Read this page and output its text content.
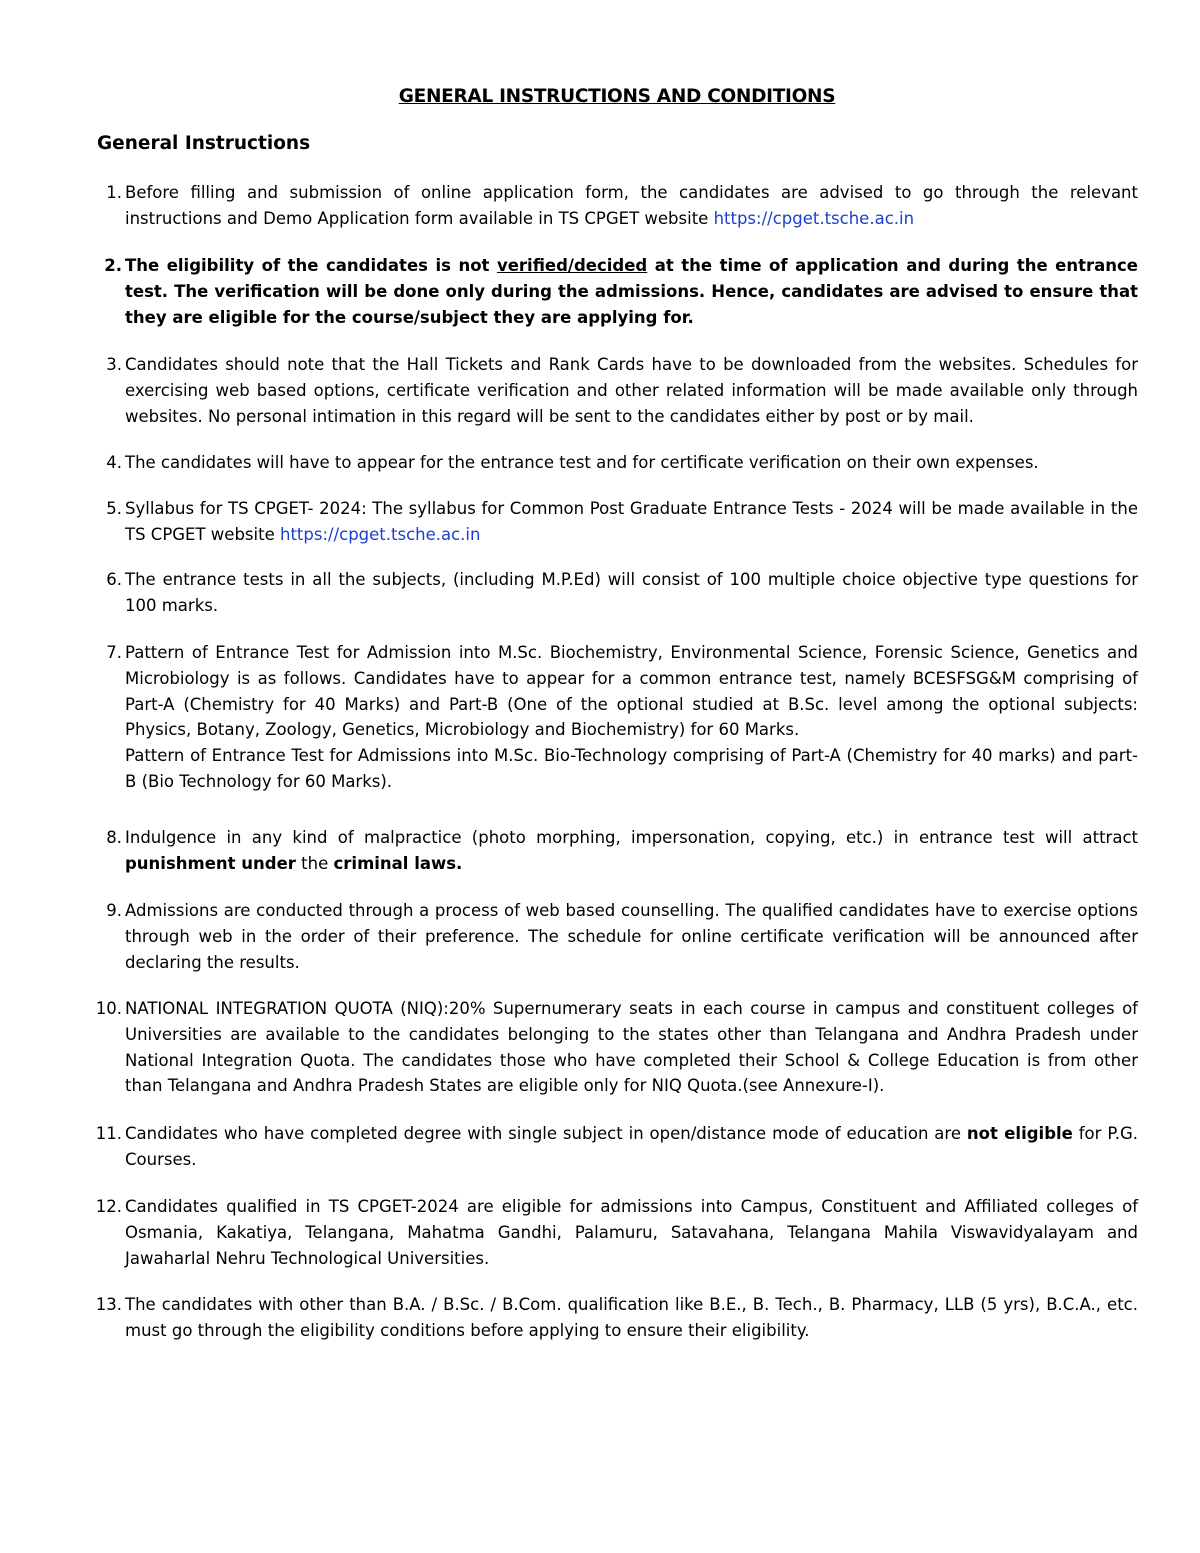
GENERAL INSTRUCTIONS AND CONDITIONS
General Instructions
1. Before filling and submission of online application form, the candidates are advised to go through the relevant instructions and Demo Application form available in TS CPGET website https://cpget.tsche.ac.in
2. The eligibility of the candidates is not verified/decided at the time of application and during the entrance test. The verification will be done only during the admissions. Hence, candidates are advised to ensure that they are eligible for the course/subject they are applying for.
3. Candidates should note that the Hall Tickets and Rank Cards have to be downloaded from the websites. Schedules for exercising web based options, certificate verification and other related information will be made available only through websites. No personal intimation in this regard will be sent to the candidates either by post or by mail.
4. The candidates will have to appear for the entrance test and for certificate verification on their own expenses.
5. Syllabus for TS CPGET- 2024: The syllabus for Common Post Graduate Entrance Tests - 2024 will be made available in the TS CPGET website https://cpget.tsche.ac.in
6. The entrance tests in all the subjects, (including M.P.Ed) will consist of 100 multiple choice objective type questions for 100 marks.
7. Pattern of Entrance Test for Admission into M.Sc. Biochemistry, Environmental Science, Forensic Science, Genetics and Microbiology is as follows. Candidates have to appear for a common entrance test, namely BCESFSG&M comprising of Part-A (Chemistry for 40 Marks) and Part-B (One of the optional studied at B.Sc. level among the optional subjects: Physics, Botany, Zoology, Genetics, Microbiology and Biochemistry) for 60 Marks.

Pattern of Entrance Test for Admissions into M.Sc. Bio-Technology comprising of Part-A (Chemistry for 40 marks) and part-B (Bio Technology for 60 Marks).

8. Indulgence in any kind of malpractice (photo morphing, impersonation, copying, etc.) in entrance test will attract punishment under the criminal laws.
9. Admissions are conducted through a process of web based counselling. The qualified candidates have to exercise options through web in the order of their preference. The schedule for online certificate verification will be announced after declaring the results.
10. NATIONAL INTEGRATION QUOTA (NIQ):20% Supernumerary seats in each course in campus and constituent colleges of Universities are available to the candidates belonging to the states other than Telangana and Andhra Pradesh under National Integration Quota. The candidates those who have completed their School & College Education is from other than Telangana and Andhra Pradesh States are eligible only for NIQ Quota.(see Annexure-I).
11. Candidates who have completed degree with single subject in open/distance mode of education are not eligible for P.G. Courses.
12. Candidates qualified in TS CPGET-2024 are eligible for admissions into Campus, Constituent and Affiliated colleges of Osmania, Kakatiya, Telangana, Mahatma Gandhi, Palamuru, Satavahana, Telangana Mahila Viswavidyalayam and Jawaharlal Nehru Technological Universities.
13. The candidates with other than B.A. / B.Sc. / B.Com. qualification like B.E., B. Tech., B. Pharmacy, LLB (5 yrs), B.C.A., etc. must go through the eligibility conditions before applying to ensure their eligibility.
